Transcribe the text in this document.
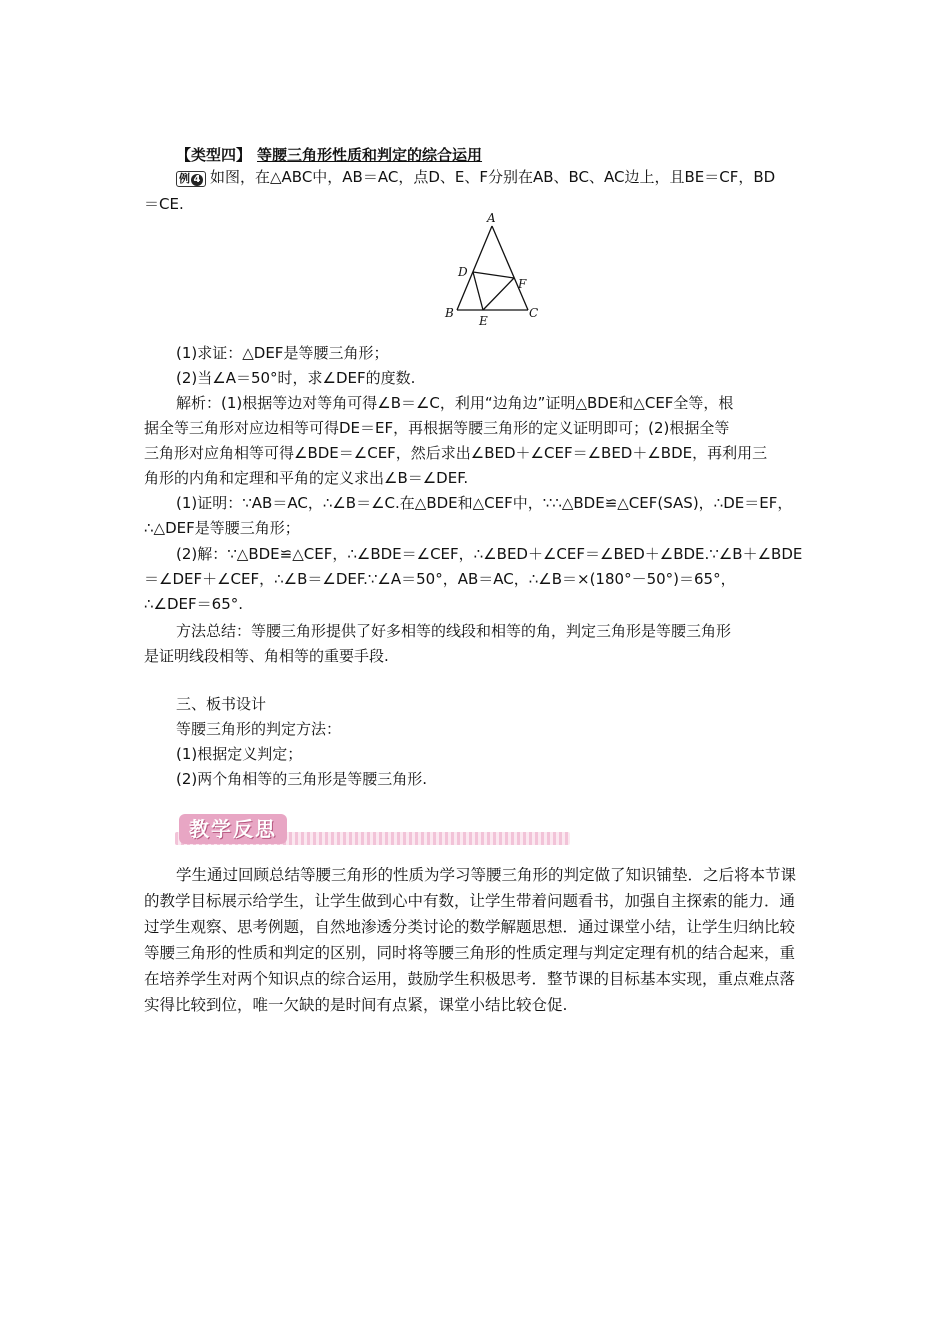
【类型四】 等腰三角形性质和判定的综合运用

例 4 如图，在△ABC中，AB＝AC，点D、E、F分别在AB、BC、AC边上，且BE＝CF，BD

＝CE.

A
D
F
B
E
C

(1)求证：△DEF是等腰三角形；

(2)当∠A＝50°时，求∠DEF的度数.

解析：(1)根据等边对等角可得∠B＝∠C，利用“边角边”证明△BDE和△CEF全等，根

据全等三角形对应边相等可得DE＝EF，再根据等腰三角形的定义证明即可；(2)根据全等

三角形对应角相等可得∠BDE＝∠CEF，然后求出∠BED＋∠CEF＝∠BED＋∠BDE，再利用三

角形的内角和定理和平角的定义求出∠B＝∠DEF.

(1)证明：∵AB＝AC，∴∠B＝∠C.在△BDE和△CEF中，∵∴△BDE≌△CEF(SAS)，∴DE＝EF，

∴△DEF是等腰三角形；

(2)解：∵△BDE≌△CEF，∴∠BDE＝∠CEF，∴∠BED＋∠CEF＝∠BED＋∠BDE.∵∠B＋∠BDE

＝∠DEF＋∠CEF，∴∠B＝∠DEF.∵∠A＝50°，AB＝AC，∴∠B＝×(180°－50°)＝65°，

∴∠DEF＝65°.

方法总结：等腰三角形提供了好多相等的线段和相等的角，判定三角形是等腰三角形

是证明线段相等、角相等的重要手段.

三、板书设计

等腰三角形的判定方法：

(1)根据定义判定；

(2)两个角相等的三角形是等腰三角形.

教学反思

学生通过回顾总结等腰三角形的性质为学习等腰三角形的判定做了知识铺垫．之后将本节课的教学目标展示给学生，让学生做到心中有数，让学生带着问题看书，加强自主探索的能力．通过学生观察、思考例题，自然地渗透分类讨论的数学解题思想．通过课堂小结，让学生归纳比较等腰三角形的性质和判定的区别，同时将等腰三角形的性质定理与判定定理有机的结合起来，重在培养学生对两个知识点的综合运用，鼓励学生积极思考．整节课的目标基本实现，重点难点落实得比较到位，唯一欠缺的是时间有点紧，课堂小结比较仓促.
